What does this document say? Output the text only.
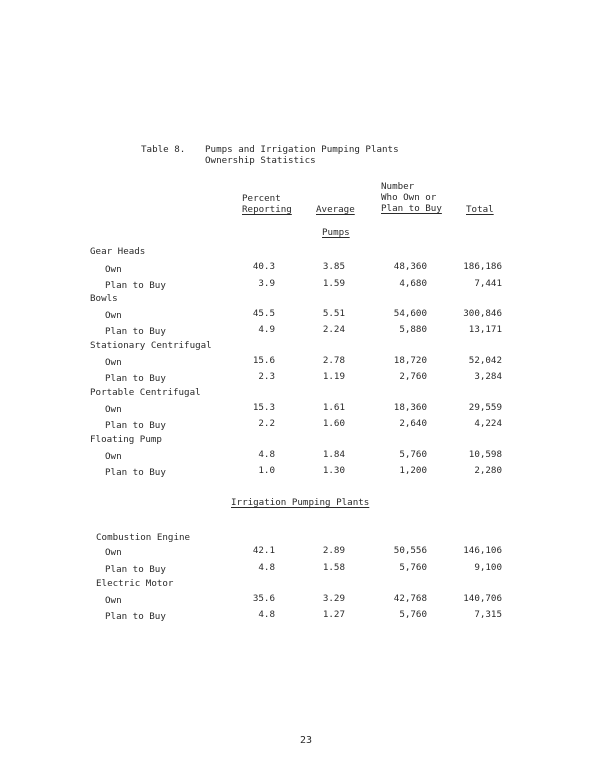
Table 8. Pumps and Irrigation Pumping Plants
Ownership Statistics
Percent
Reporting	Average
Number
Who Own or
Plan to Buy	Total
Pumps
Gear Heads
Own	40.3	3.85	48,360	186,186
Plan to Buy	3.9	1.59	4,680	7,441
Bowls
Own	45.5	5.51	54,600	300,846
Plan to Buy	4.9	2.24	5,880	13,171
Stationary Centrifugal
Own	15.6	2.78	18,720	52,042
Plan to Buy	2.3	1.19	2,760	3,284
Portable Centrifugal
Own	15.3	1.61	18,360	29,559
Plan to Buy	2.2	1.60	2,640	4,224
Floating Pump
Own	4.8	1.84	5,760	10,598
Plan to Buy	1.0	1.30	1,200	2,280
Irrigation Pumping Plants
Combustion Engine
Own	42.1	2.89	50,556	146,106
Plan to Buy	4.8	1.58	5,760	9,100
Electric Motor
Own	35.6	3.29	42,768	140,706
Plan to Buy	4.8	1.27	5,760	7,315
23
